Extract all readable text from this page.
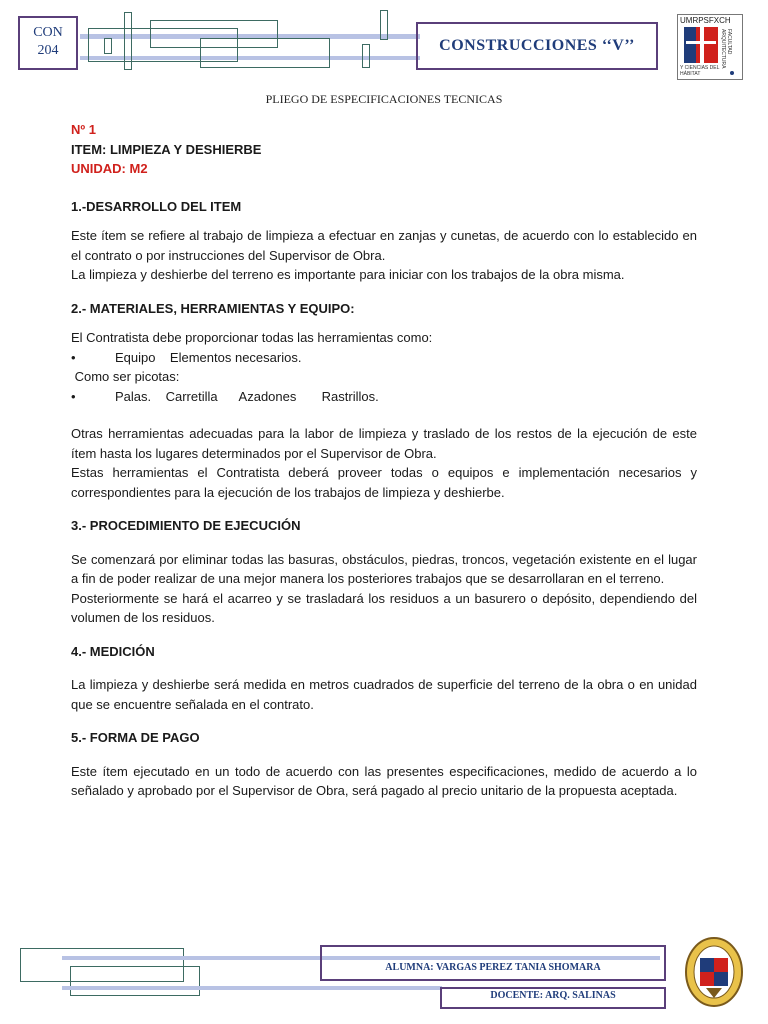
CON
204	CONSTRUCCIONES ‘‘V’’
UMRPSFXCH
Y CIENCIAS DEL HÁBITAT
FACULTAD ARQUITECTURA
PLIEGO DE ESPECIFICACIONES TECNICAS
Nº 1
ITEM: LIMPIEZA Y DESHIERBE
UNIDAD: M2
1.-DESARROLLO DEL ITEM

Este ítem se refiere al trabajo de limpieza a efectuar en zanjas y cunetas, de acuerdo con lo establecido en el contrato o por instrucciones del Supervisor de Obra.

La limpieza y deshierbe del terreno es importante para iniciar con los trabajos de la obra misma.

2.- MATERIALES, HERRAMIENTAS Y EQUIPO:

El Contratista debe proporcionar todas las herramientas como:

•	Equipo    Elementos necesarios.

Como ser picotas:

•	Palas.    Carretilla      Azadones       Rastrillos.

Otras herramientas adecuadas para la labor de limpieza y traslado de los restos de la ejecución de este ítem hasta los lugares determinados por el Supervisor de Obra.

Estas herramientas el Contratista deberá proveer todas o equipos e implementación necesarios y correspondientes para la ejecución de los trabajos de limpieza y deshierbe.

3.- PROCEDIMIENTO DE EJECUCIÓN

Se comenzará por eliminar todas las basuras, obstáculos, piedras, troncos, vegetación existente en el lugar a fin de poder realizar de una mejor manera los posteriores trabajos que se desarrollaran en el terreno.

Posteriormente se hará el acarreo y se trasladará los residuos a un basurero o depósito, dependiendo del volumen de los residuos.

4.- MEDICIÓN

La limpieza y deshierbe será medida en metros cuadrados de superficie del terreno de la obra o en unidad que se encuentre señalada en el contrato.

5.- FORMA DE PAGO

Este ítem ejecutado en un todo de acuerdo con las presentes especificaciones, medido de acuerdo a lo señalado y aprobado por el Supervisor de Obra, será pagado al precio unitario de la propuesta aceptada.

ALUMNA: VARGAS PEREZ TANIA SHOMARA
DOCENTE: ARQ. SALINAS
